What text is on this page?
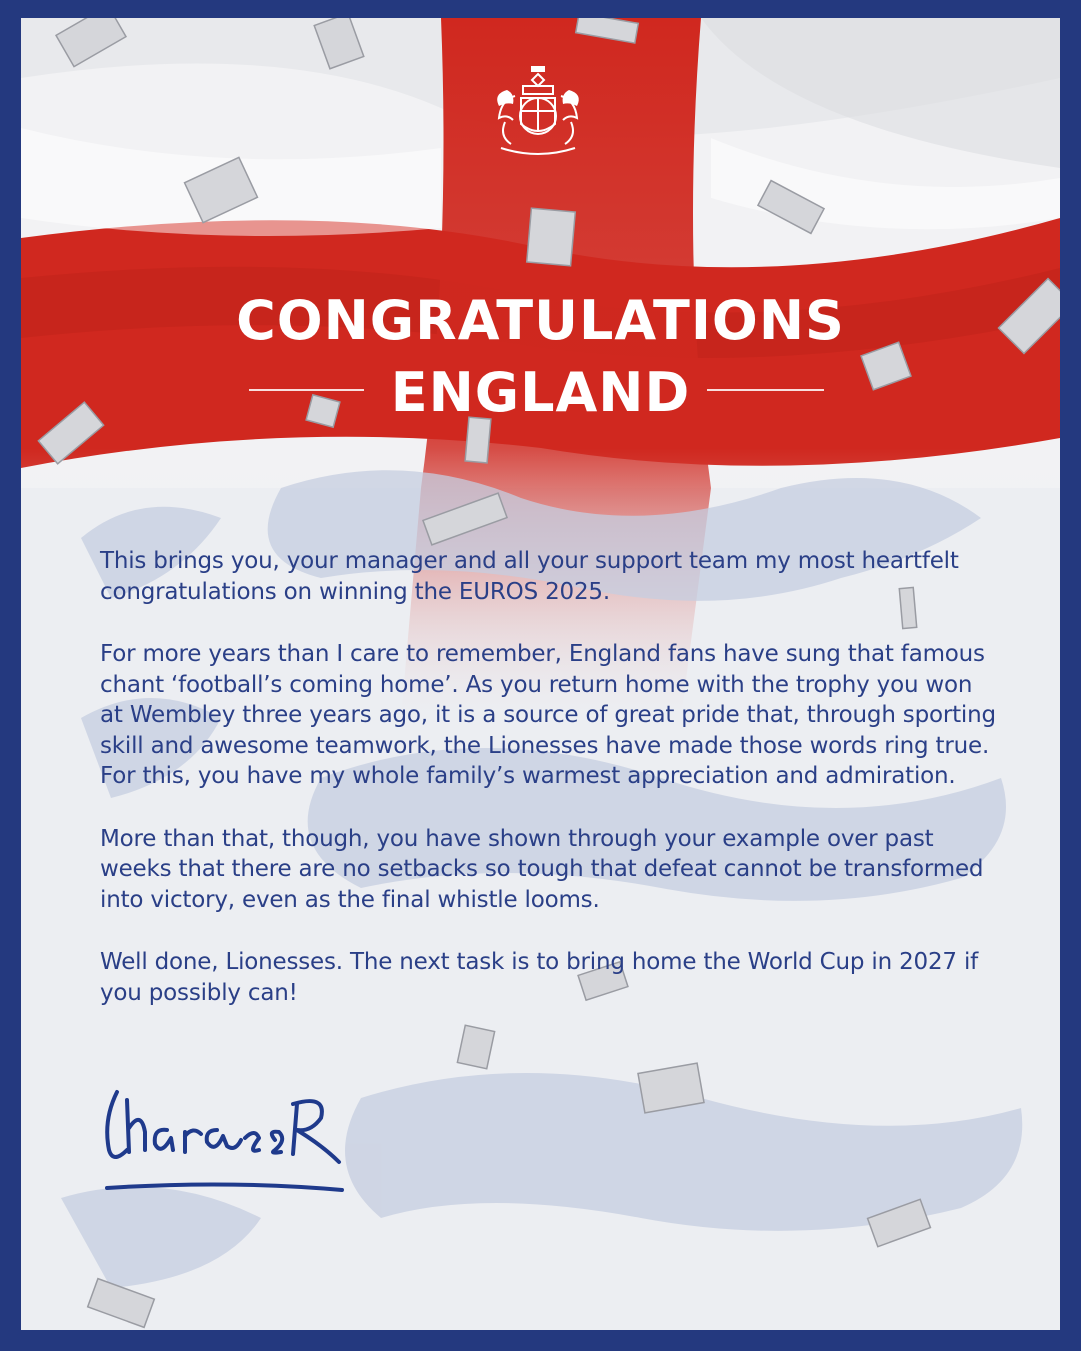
CONGRATULATIONS
ENGLAND

This brings you, your manager and all your support team my most heartfelt congratulations on winning the EUROS 2025.

For more years than I care to remember, England fans have sung that famous chant ‘football’s coming home’. As you return home with the trophy you won at Wembley three years ago, it is a source of great pride that, through sporting skill and awesome teamwork, the Lionesses have made those words ring true. For this, you have my whole family’s warmest appreciation and admiration.

More than that, though, you have shown through your example over past weeks that there are no setbacks so tough that defeat cannot be transformed into victory, even as the final whistle looms.

Well done, Lionesses. The next task is to bring home the World Cup in 2027 if you possibly can!
